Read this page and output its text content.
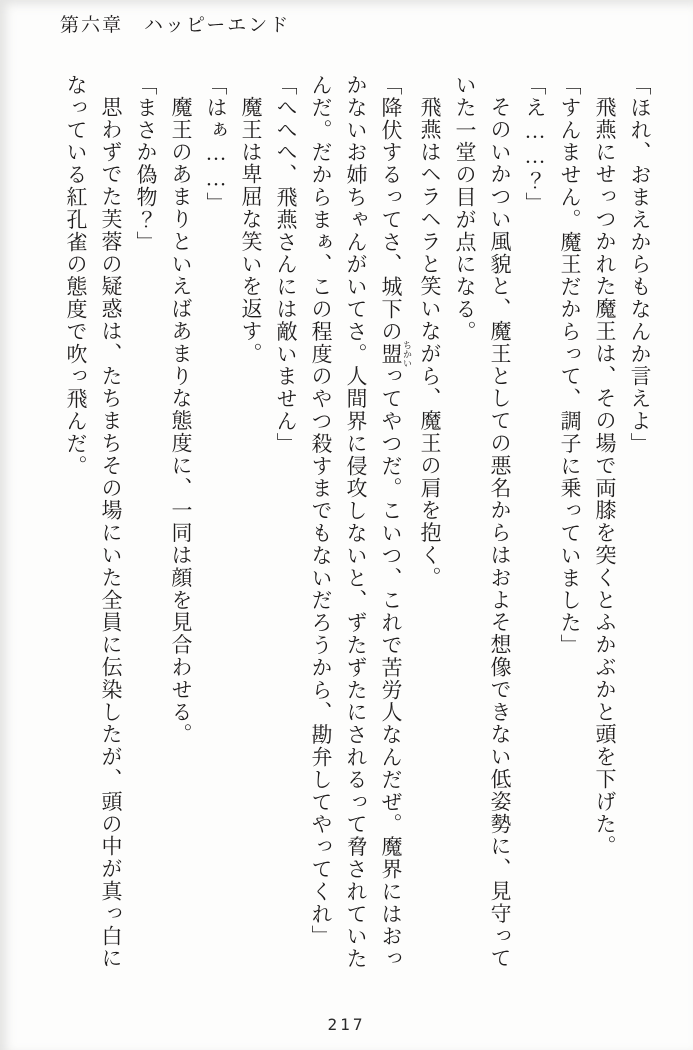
第六章　ハッピーエンド

「ほれ、おまえからもなんか言えよ」

飛燕にせっつかれた魔王は、その場で両膝を突くとふかぶかと頭を下げた。

「すんません。魔王だからって、調子に乗っていました」

「え……？」

そのいかつい風貌と、魔王としての悪名からはおよそ想像できない低姿勢に、見守って

いた一堂の目が点になる。

飛燕はヘラヘラと笑いながら、魔王の肩を抱く。

「降伏するってさ、城下の盟 ちかいってやつだ。こいつ、これで苦労人なんだぜ。魔界にはおっ

かないお姉ちゃんがいてさ。人間界に侵攻しないと、ずたずたにされるって脅されていた

んだ。だからまぁ、この程度のやつ殺すまでもないだろうから、勘弁してやってくれ」

「へへへ、飛燕さんには敵いません」

魔王は卑屈な笑いを返す。

「はぁ……」

魔王のあまりといえばあまりな態度に、一同は顔を見合わせる。

「まさか偽物？」

思わずでた芙蓉の疑惑は、たちまちその場にいた全員に伝染したが、頭の中が真っ白に

なっている紅孔雀の態度で吹っ飛んだ。

217
